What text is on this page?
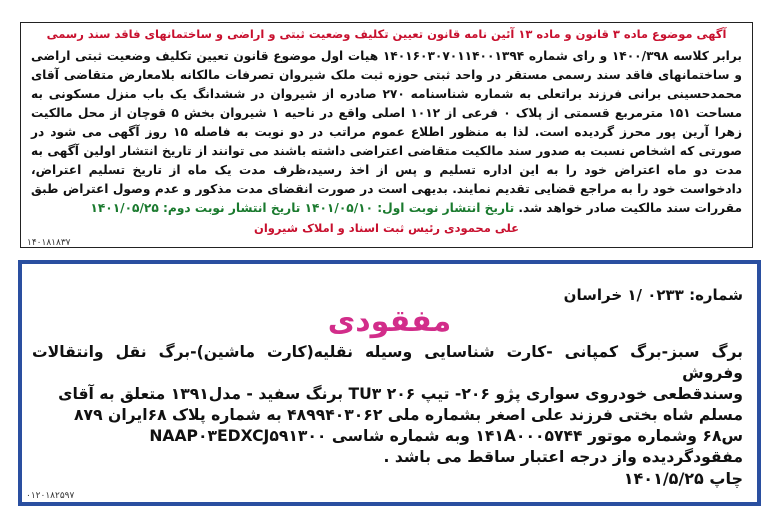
آگهی موضوع ماده ۳ قانون و ماده ۱۳ آئین نامه قانون تعیین تکلیف وضعیت ثبتی و اراضی و ساختمانهای فاقد سند رسمی

برابر کلاسه ۱۴۰۰/۳۹۸ و رای شماره ۱۴۰۱۶۰۳۰۷۰۱۱۴۰۰۱۳۹۴ هیات اول موضوع قانون تعیین تکلیف وضعیت ثبتی اراضی و ساختمانهای فاقد سند رسمی مستقر در واحد ثبتی حوزه ثبت ملک شیروان تصرفات مالکانه بلامعارض متقاضی آقای محمدحسینی برانی فرزند براتعلی به شماره شناسنامه ۲۷۰ صادره از شیروان در ششدانگ یک باب منزل مسکونی به مساحت ۱۵۱ مترمربع قسمتی از پلاک ۰ فرعی از ۱۰۱۲ اصلی واقع در ناحیه ۱ شیروان بخش ۵ قوچان از محل مالکیت زهرا آرین پور محرز گردیده است. لذا به منظور اطلاع عموم مراتب در دو نوبت به فاصله ۱۵ روز آگهی می شود در صورتی که اشخاص نسبت به صدور سند مالکیت متقاضی اعتراضی داشته باشند می توانند از تاریخ انتشار اولین آگهی به مدت دو ماه اعتراض خود را به این اداره تسلیم و پس از اخذ رسید،ظرف مدت یک ماه از تاریخ تسلیم اعتراض، دادخواست خود را به مراجع قضایی تقدیم نمایند. بدیهی است در صورت انقضای مدت مذکور و عدم وصول اعتراض طبق مقررات سند مالکیت صادر خواهد شد. تاریخ انتشار نوبت اول: ۱۴۰۱/۰۵/۱۰ تاریخ انتشار نوبت دوم: ۱۴۰۱/۰۵/۲۵

علی محمودی رئیس ثبت اسناد و املاک شیروان
۱۴۰۱۸۱۸۳۷
شماره: ۰۲۳۳ /۱ خراسان
مفقودی

برگ سبز-برگ کمپانی -کارت شناسایی وسیله نقلیه(کارت ماشین)-برگ نقل وانتقالات وفروش

وسندقطعی خودروی سواری پژو ۲۰۶- تیپ TU۳ ۲۰۶ برنگ سفید - مدل۱۳۹۱ متعلق به آقای

مسلم شاه بختی فرزند علی اصغر بشماره ملی ۴۸۹۹۴۰۳۰۶۲ به شماره پلاک ۶۸ایران ۸۷۹

س۶۸ وشماره موتور ۱۴۱A۰۰۰۵۷۴۴ وبه شماره شاسی NAAP۰۳EDXCJ۵۹۱۳۰۰

مفقودگردیده واز درجه اعتبار ساقط می باشد .

چاپ ۱۴۰۱/۵/۲۵
۰۱۲۰۱۸۲۵۹۷
